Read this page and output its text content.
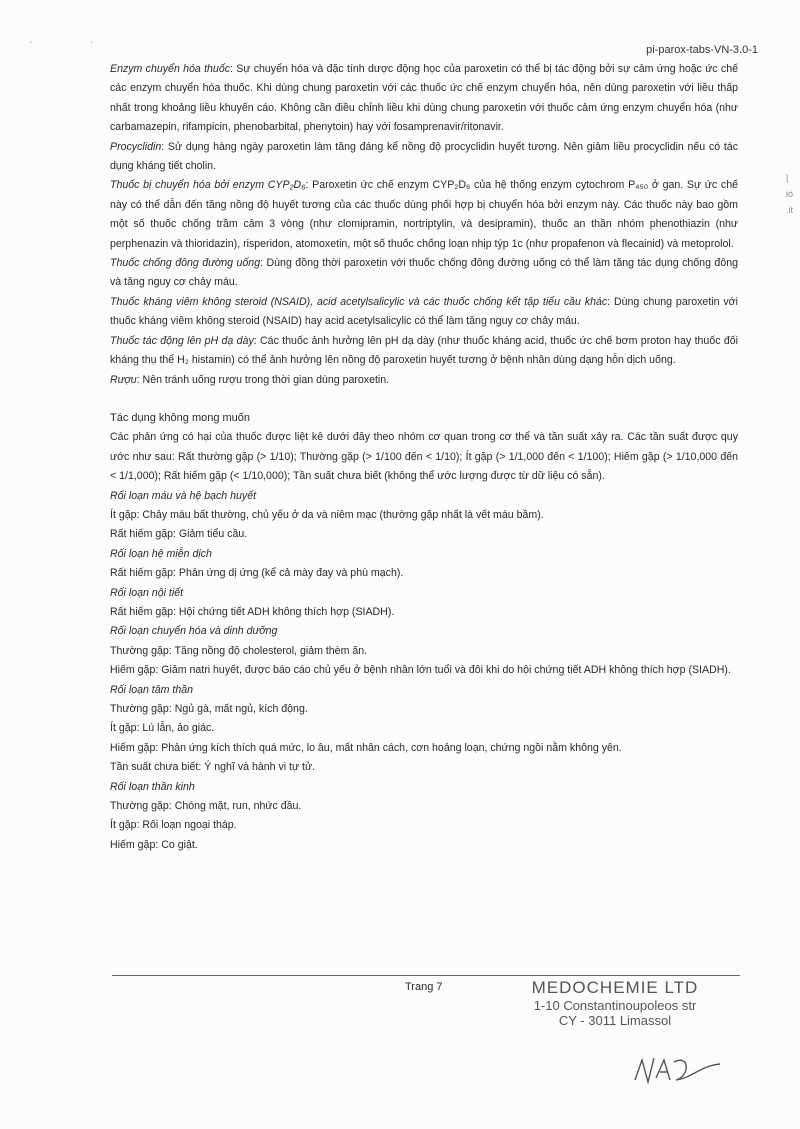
' '	pi-parox-tabs-VN-3.0-1

Enzym chuyển hóa thuốc: Sự chuyển hóa và đặc tính dược động học của paroxetin có thể bị tác động bởi sự cảm ứng hoặc ức chế các enzym chuyển hóa thuốc. Khi dùng chung paroxetin với các thuốc ức chế enzym chuyển hóa, nên dùng paroxetin với liều thấp nhất trong khoảng liều khuyến cáo. Không cần điều chỉnh liều khi dùng chung paroxetin với thuốc cảm ứng enzym chuyển hóa (như carbamazepin, rifampicin, phenobarbital, phenytoin) hay với fosamprenavir/ritonavir.

Procyclidin: Sử dụng hàng ngày paroxetin làm tăng đáng kể nồng độ procyclidin huyết tương. Nên giảm liều procyclidin nếu có tác dụng kháng tiết cholin.

Thuốc bị chuyển hóa bởi enzym CYP₂D₆: Paroxetin ức chế enzym CYP₂D₆ của hệ thống enzym cytochrom P₄₅₀ ở gan. Sự ức chế này có thể dẫn đến tăng nồng độ huyết tương của các thuốc dùng phối hợp bị chuyển hóa bởi enzym này. Các thuốc này bao gồm một số thuốc chống trầm cảm 3 vòng (như clomipramin, nortriptylin, và desipramin), thuốc an thần nhóm phenothiazin (như perphenazin và thioridazin), risperidon, atomoxetin, một số thuốc chống loạn nhịp týp 1c (như propafenon và flecainid) và metoprolol.

Thuốc chống đông đường uống: Dùng đồng thời paroxetin với thuốc chống đông đường uống có thể làm tăng tác dụng chống đông và tăng nguy cơ chảy máu.

Thuốc kháng viêm không steroid (NSAID), acid acetylsalicylic và các thuốc chống kết tập tiểu cầu khác: Dùng chung paroxetin với thuốc kháng viêm không steroid (NSAID) hay acid acetylsalicylic có thể làm tăng nguy cơ chảy máu.

Thuốc tác động lên pH dạ dày: Các thuốc ảnh hưởng lên pH dạ dày (như thuốc kháng acid, thuốc ức chế bơm proton hay thuốc đối kháng thụ thể H₂ histamin) có thể ảnh hưởng lên nồng độ paroxetin huyết tương ở bệnh nhân dùng dạng hỗn dịch uống.

Rượu: Nên tránh uống rượu trong thời gian dùng paroxetin.

Tác dụng không mong muốn

Các phản ứng có hại của thuốc được liệt kê dưới đây theo nhóm cơ quan trong cơ thể và tần suất xảy ra. Các tần suất được quy ước như sau: Rất thường gặp (> 1/10); Thường gặp (> 1/100 đến < 1/10); Ít gặp (> 1/1,000 đến < 1/100); Hiếm gặp (> 1/10,000 đến < 1/1,000); Rất hiếm gặp (< 1/10,000); Tần suất chưa biết (không thể ước lượng được từ dữ liệu có sẵn).

Rối loạn máu và hệ bạch huyết

Ít gặp: Chảy máu bất thường, chủ yếu ở da và niêm mạc (thường gặp nhất là vết máu bầm).

Rất hiếm gặp: Giảm tiểu cầu.

Rối loạn hệ miễn dịch

Rất hiếm gặp: Phản ứng dị ứng (kể cả mày đay và phù mạch).

Rối loạn nội tiết

Rất hiếm gặp: Hội chứng tiết ADH không thích hợp (SIADH).

Rối loạn chuyển hóa và dinh dưỡng

Thường gặp: Tăng nồng độ cholesterol, giảm thèm ăn.

Hiếm gặp: Giảm natri huyết, được báo cáo chủ yếu ở bệnh nhân lớn tuổi và đôi khi do hội chứng tiết ADH không thích hợp (SIADH).

Rối loạn tâm thần

Thường gặp: Ngủ gà, mất ngủ, kích động.

Ít gặp: Lú lẫn, ảo giác.

Hiếm gặp: Phản ứng kích thích quá mức, lo âu, mất nhân cách, cơn hoảng loạn, chứng ngồi nằm không yên.

Tần suất chưa biết: Ý nghĩ và hành vi tự tử.

Rối loạn thần kinh

Thường gặp: Chóng mặt, run, nhức đầu.

Ít gặp: Rối loạn ngoại tháp.

Hiếm gặp: Co giật.

|
ió
.it
Trang 7	MEDOCHEMIE LTD
1-10 Constantinoupoleos str
CY - 3011 Limassol
